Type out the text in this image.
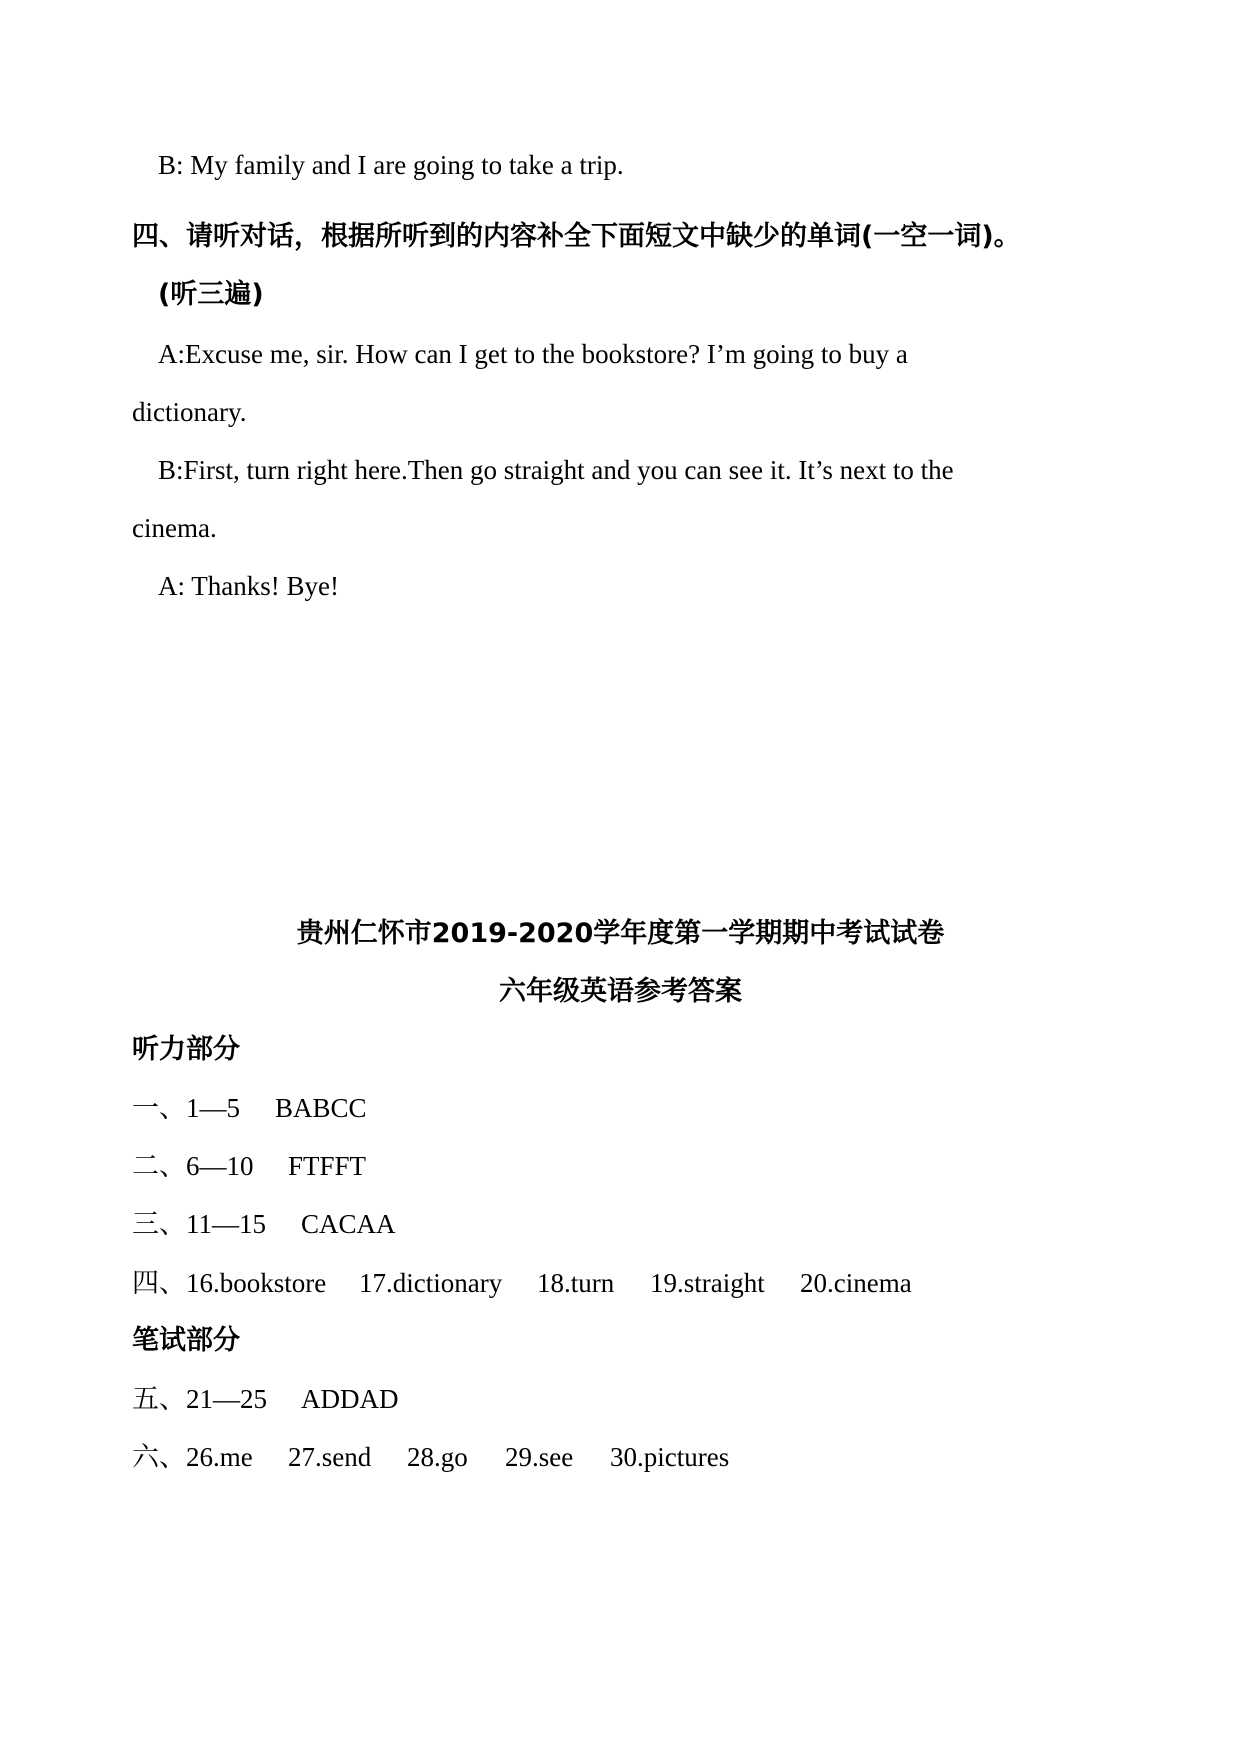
B: My family and I are going to take a trip.
四、请听对话，根据所听到的内容补全下面短文中缺少的单词(一空一词)。
(听三遍)
A:Excuse me, sir. How can I get to the bookstore? I’m going to buy a
dictionary.
B:First, turn right here.Then go straight and you can see it. It’s next to the
cinema.
A: Thanks! Bye!
贵州仁怀市2019-2020学年度第一学期期中考试试卷
六年级英语参考答案
听力部分
一、1—5 BABCC
二、6—10 FTFFT
三、11—15 CACAA
四、16.bookstore 17.dictionary 18.turn 19.straight 20.cinema
笔试部分
五、21—25 ADDAD
六、26.me 27.send 28.go 29.see 30.pictures
